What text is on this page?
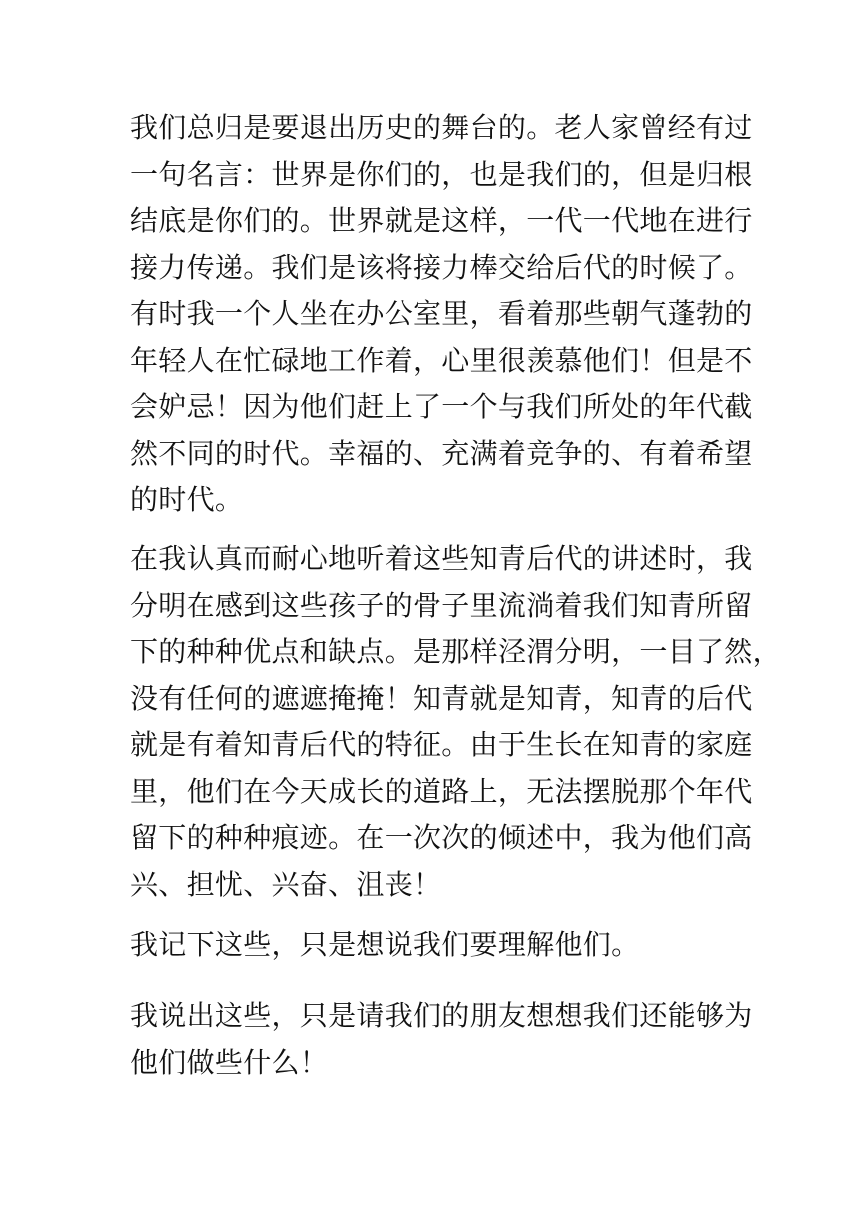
我们总归是要退出历史的舞台的。老人家曾经有过
一句名言：世界是你们的，也是我们的，但是归根
结底是你们的。世界就是这样，一代一代地在进行
接力传递。我们是该将接力棒交给后代的时候了。
有时我一个人坐在办公室里，看着那些朝气蓬勃的
年轻人在忙碌地工作着，心里很羡慕他们！但是不
会妒忌！因为他们赶上了一个与我们所处的年代截
然不同的时代。幸福的、充满着竞争的、有着希望
的时代。

在我认真而耐心地听着这些知青后代的讲述时，我
分明在感到这些孩子的骨子里流淌着我们知青所留
下的种种优点和缺点。是那样泾渭分明，一目了然，
没有任何的遮遮掩掩！知青就是知青，知青的后代
就是有着知青后代的特征。由于生长在知青的家庭
里，他们在今天成长的道路上，无法摆脱那个年代
留下的种种痕迹。在一次次的倾述中，我为他们高
兴、担忧、兴奋、沮丧！

我记下这些，只是想说我们要理解他们。

我说出这些，只是请我们的朋友想想我们还能够为
他们做些什么！
